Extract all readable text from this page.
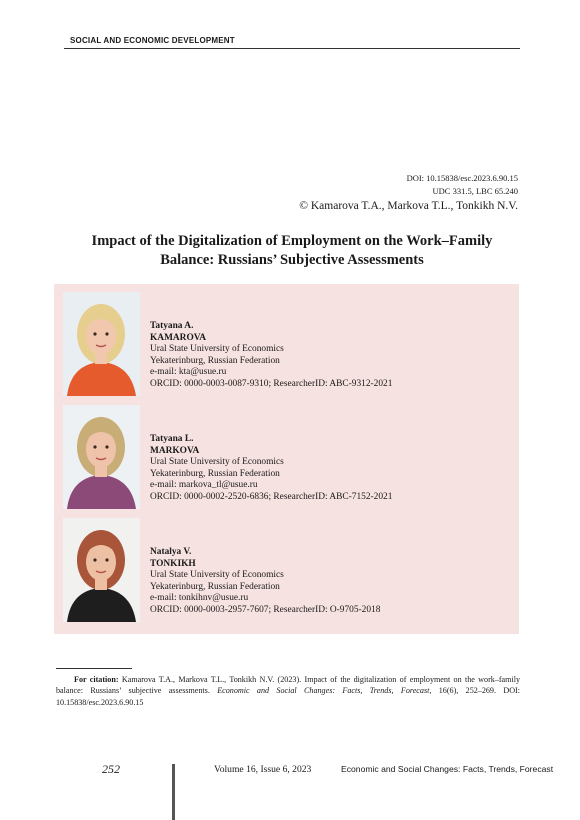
SOCIAL AND ECONOMIC DEVELOPMENT
DOI: 10.15838/esc.2023.6.90.15
UDC 331.5, LBC 65.240
© Kamarova T.A., Markova T.L., Tonkikh N.V.
Impact of the Digitalization of Employment on the Work–Family
Balance: Russians’ Subjective Assessments
Tatyana A.
KAMAROVA
Ural State University of Economics
Yekaterinburg, Russian Federation
e-mail: kta@usue.ru
ORCID: 0000-0003-0087-9310; ResearcherID: ABC-9312-2021
Tatyana L.
MARKOVA
Ural State University of Economics
Yekaterinburg, Russian Federation
e-mail: markova_tl@usue.ru
ORCID: 0000-0002-2520-6836; ResearcherID: ABC-7152-2021
Natalya V.
TONKIKH
Ural State University of Economics
Yekaterinburg, Russian Federation
e-mail: tonkihnv@usue.ru
ORCID: 0000-0003-2957-7607; ResearcherID: O-9705-2018
For citation: Kamarova T.A., Markova T.L., Tonkikh N.V. (2023). Impact of the digitalization of employment on the work–family balance: Russians’ subjective assessments. Economic and Social Changes: Facts, Trends, Forecast, 16(6), 252–269. DOI: 10.15838/esc.2023.6.90.15
252	Volume 16, Issue 6, 2023	Economic and Social Changes: Facts, Trends, Forecast
